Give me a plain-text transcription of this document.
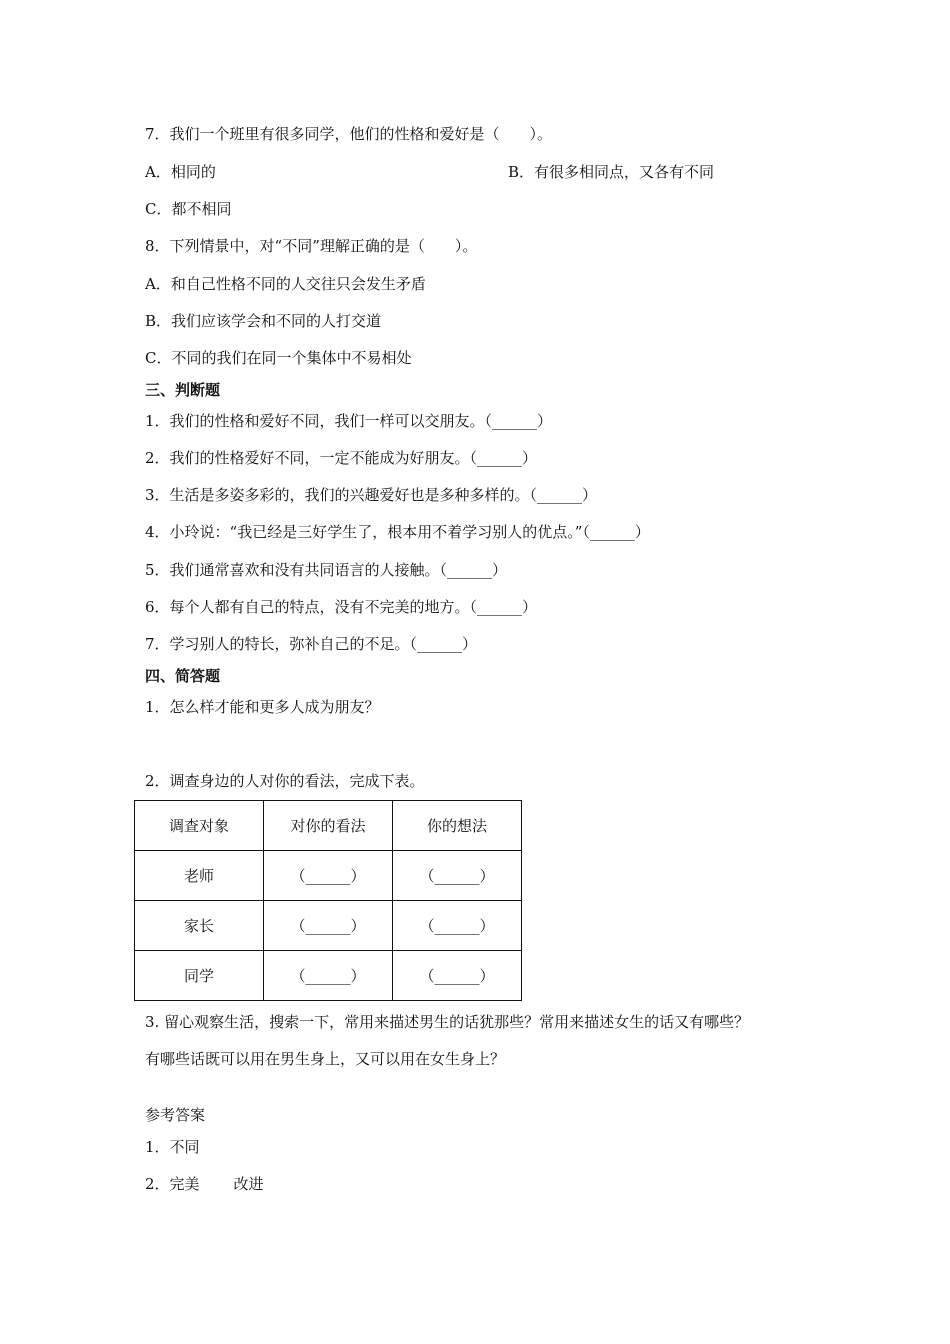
7．我们一个班里有很多同学，他们的性格和爱好是（　　）。
A．相同的	B．有很多相同点，又各有不同
C．都不相同
8．下列情景中，对“不同”理解正确的是（　　）。
A．和自己性格不同的人交往只会发生矛盾
B．我们应该学会和不同的人打交道
C．不同的我们在同一个集体中不易相处
三、判断题
1．我们的性格和爱好不同，我们一样可以交朋友。（______）
2．我们的性格爱好不同，一定不能成为好朋友。（______）
3．生活是多姿多彩的，我们的兴趣爱好也是多种多样的。（______）
4．小玲说：“我已经是三好学生了，根本用不着学习别人的优点。”（______）
5．我们通常喜欢和没有共同语言的人接触。（______）
6．每个人都有自己的特点，没有不完美的地方。（______）
7．学习别人的特长，弥补自己的不足。（______）
四、简答题
1．怎么样才能和更多人成为朋友？
2．调查身边的人对你的看法，完成下表。
调查对象	对你的看法	你的想法
老师	（______）	（______）
家长	（______）	（______）
同学	（______）	（______）
3. 留心观察生活，搜索一下，常用来描述男生的话犹那些？常用来描述女生的话又有哪些？
有哪些话既可以用在男生身上，又可以用在女生身上？
参考答案
1．不同
2．完美 改进
